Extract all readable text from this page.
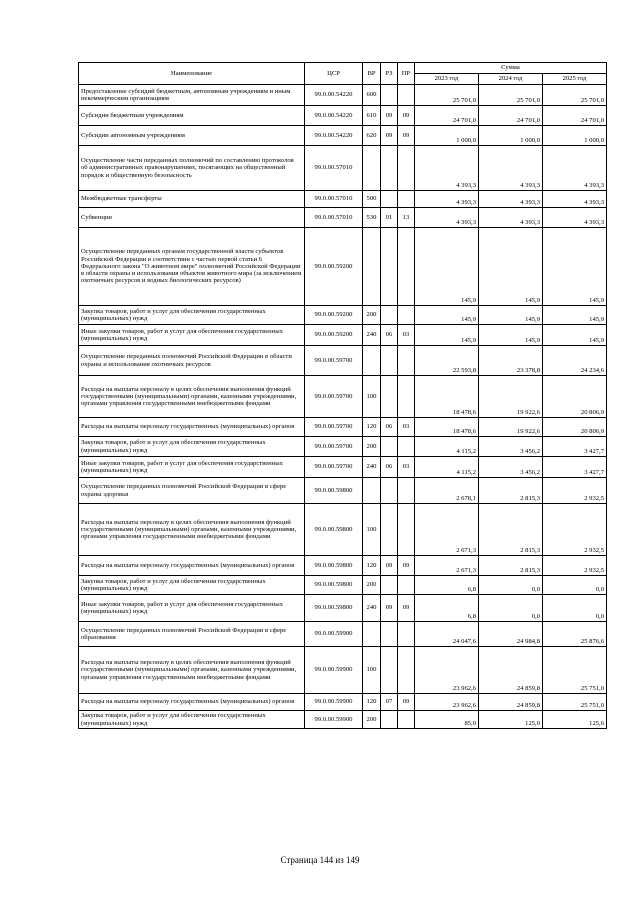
Наименование	ЦСР	ВР	РЗ	ПР	Сумма		
					2023 год	2024 год	2025 год
Предоставление субсидий бюджетным, автономным учреждениям и иным некоммерческим организациям	99.0.00.54220	600			25 701,0	25 701,0	25 701,0
Субсидии бюджетным учреждениям	99.0.00.54220	610	09	09	24 701,0	24 701,0	24 701,0
Субсидии автономным учреждениям	99.0.00.54220	620	09	09	1 000,0	1 000,0	1 000,0
Осуществление части переданных полномочий по составлению протоколов об административных правонарушениях, посягающих на общественный порядок и общественную безопасность	99.0.00.57010				4 393,3	4 393,3	4 393,3
Межбюджетные трансферты	99.0.00.57010	500			4 393,3	4 393,3	4 393,3
Субвенции	99.0.00.57010	530	01	13	4 393,3	4 393,3	4 393,3
Осуществление переданных органам государственной власти субъектов Российской Федерации в соответствии с частью первой статьи 6 Федерального закона "О животном мире" полномочий Российской Федерации в области охраны и использования объектов животного мира (за исключением охотничьих ресурсов и водных биологических ресурсов)	99.0.00.59200				145,9	145,9	145,9
Закупка товаров, работ и услуг для обеспечения государственных (муниципальных) нужд	99.0.00.59200	200			145,9	145,9	145,9
Иные закупки товаров, работ и услуг для обеспечения государственных (муниципальных) нужд	99.0.00.59200	240	06	03	145,9	145,9	145,9
Осуществление переданных полномочий Российской Федерации в области охраны и использования охотничьих ресурсов	99.0.00.59700				22 593,8	23 378,8	24 234,6
Расходы на выплаты персоналу в целях обеспечения выполнения функций государственными (муниципальными) органами, казенными учреждениями, органами управления государственными внебюджетными фондами	99.0.00.59700	100			18 478,6	19 922,6	20 806,9
Расходы на выплаты персоналу государственных (муниципальных) органов	99.0.00.59700	120	06	03	18 478,6	19 922,6	20 806,9
Закупка товаров, работ и услуг для обеспечения государственных (муниципальных) нужд	99.0.00.59700	200			4 115,2	3 456,2	3 427,7
Иные закупки товаров, работ и услуг для обеспечения государственных (муниципальных) нужд	99.0.00.59700	240	06	03	4 115,2	3 456,2	3 427,7
Осуществление переданных полномочий Российской Федерации в сфере охраны здоровья	99.0.00.59800				2 678,1	2 815,3	2 932,5
Расходы на выплаты персоналу в целях обеспечения выполнения функций государственными (муниципальными) органами, казенными учреждениями, органами управления государственными внебюджетными фондами	99.0.00.59800	100			2 671,3	2 815,3	2 932,5
Расходы на выплаты персоналу государственных (муниципальных) органов	99.0.00.59800	120	09	09	2 671,3	2 815,3	2 932,5
Закупка товаров, работ и услуг для обеспечения государственных (муниципальных) нужд	99.0.00.59800	200			6,8	0,0	0,0
Иные закупки товаров, работ и услуг для обеспечения государственных (муниципальных) нужд	99.0.00.59800	240	09	09	6,8	0,0	0,0
Осуществление переданных полномочий Российской Федерации в сфере образования	99.0.00.59900				24 047,6	24 984,8	25 876,6
Расходы на выплаты персоналу в целях обеспечения выполнения функций государственными (муниципальными) органами, казенными учреждениями, органами управления государственными внебюджетными фондами	99.0.00.59900	100			23 962,6	24 859,8	25 751,0
Расходы на выплаты персоналу государственных (муниципальных) органов	99.0.00.59900	120	07	09	23 962,6	24 859,8	25 751,0
Закупка товаров, работ и услуг для обеспечения государственных (муниципальных) нужд	99.0.00.59900	200			85,0	125,0	125,6
Страница 144 из 149
